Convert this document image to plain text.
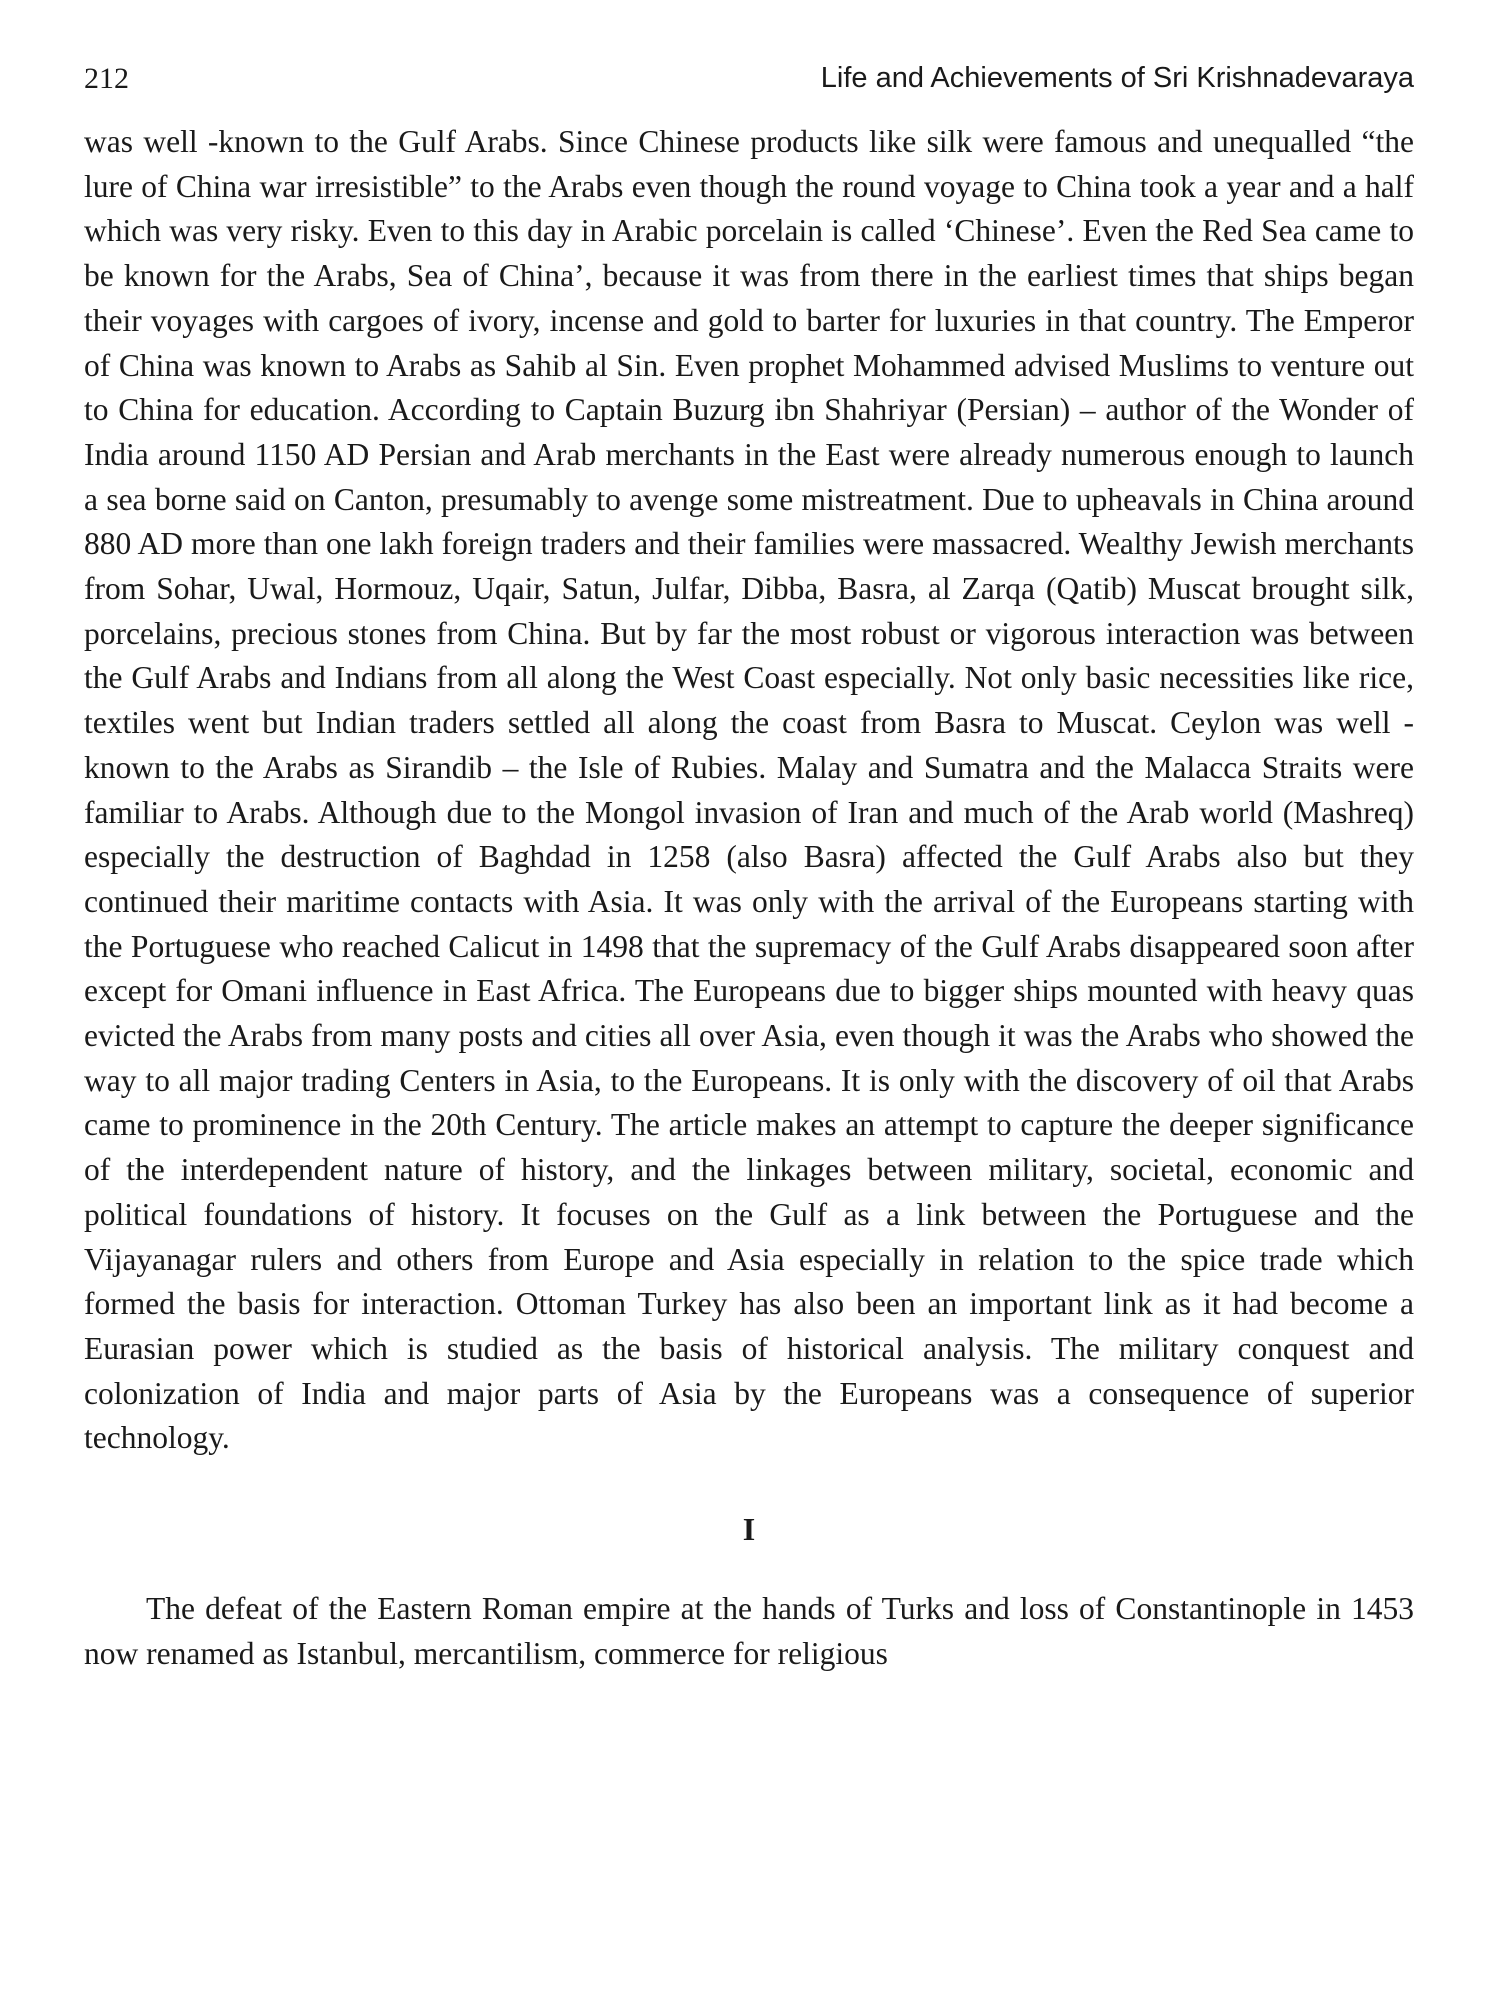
212	Life and Achievements of Sri Krishnadevaraya

was well -known to the Gulf Arabs. Since Chinese products like silk were famous and unequalled “the lure of China war irresistible” to the Arabs even though the round voyage to China took a year and a half which was very risky. Even to this day in Arabic porcelain is called ‘Chinese’. Even the Red Sea came to be known for the Arabs, Sea of China’, because it was from there in the earliest times that ships began their voyages with cargoes of ivory, incense and gold to barter for luxuries in that country. The Emperor of China was known to Arabs as Sahib al Sin. Even prophet Mohammed advised Muslims to venture out to China for education. According to Captain Buzurg ibn Shahriyar (Persian) – author of the Wonder of India around 1150 AD Persian and Arab merchants in the East were already numerous enough to launch a sea borne said on Canton, presumably to avenge some mistreatment. Due to upheavals in China around 880 AD more than one lakh foreign traders and their families were massacred. Wealthy Jewish merchants from Sohar, Uwal, Hormouz, Uqair, Satun, Julfar, Dibba, Basra, al Zarqa (Qatib) Muscat brought silk, porcelains, precious stones from China. But by far the most robust or vigorous interaction was between the Gulf Arabs and Indians from all along the West Coast especially. Not only basic necessities like rice, textiles went but Indian traders settled all along the coast from Basra to Muscat. Ceylon was well - known to the Arabs as Sirandib – the Isle of Rubies. Malay and Sumatra and the Malacca Straits were familiar to Arabs. Although due to the Mongol invasion of Iran and much of the Arab world (Mashreq) especially the destruction of Baghdad in 1258 (also Basra) affected the Gulf Arabs also but they continued their maritime contacts with Asia. It was only with the arrival of the Europeans starting with the Portuguese who reached Calicut in 1498 that the supremacy of the Gulf Arabs disappeared soon after except for Omani influence in East Africa. The Europeans due to bigger ships mounted with heavy quas evicted the Arabs from many posts and cities all over Asia, even though it was the Arabs who showed the way to all major trading Centers in Asia, to the Europeans. It is only with the discovery of oil that Arabs came to prominence in the 20th Century. The article makes an attempt to capture the deeper significance of the interdependent nature of history, and the linkages between military, societal, economic and political foundations of history. It focuses on the Gulf as a link between the Portuguese and the Vijayanagar rulers and others from Europe and Asia especially in relation to the spice trade which formed the basis for interaction. Ottoman Turkey has also been an important link as it had become a Eurasian power which is studied as the basis of historical analysis. The military conquest and colonization of India and major parts of Asia by the Europeans was a consequence of superior technology.

I

The defeat of the Eastern Roman empire at the hands of Turks and loss of Constantinople in 1453 now renamed as Istanbul, mercantilism, commerce for religious
